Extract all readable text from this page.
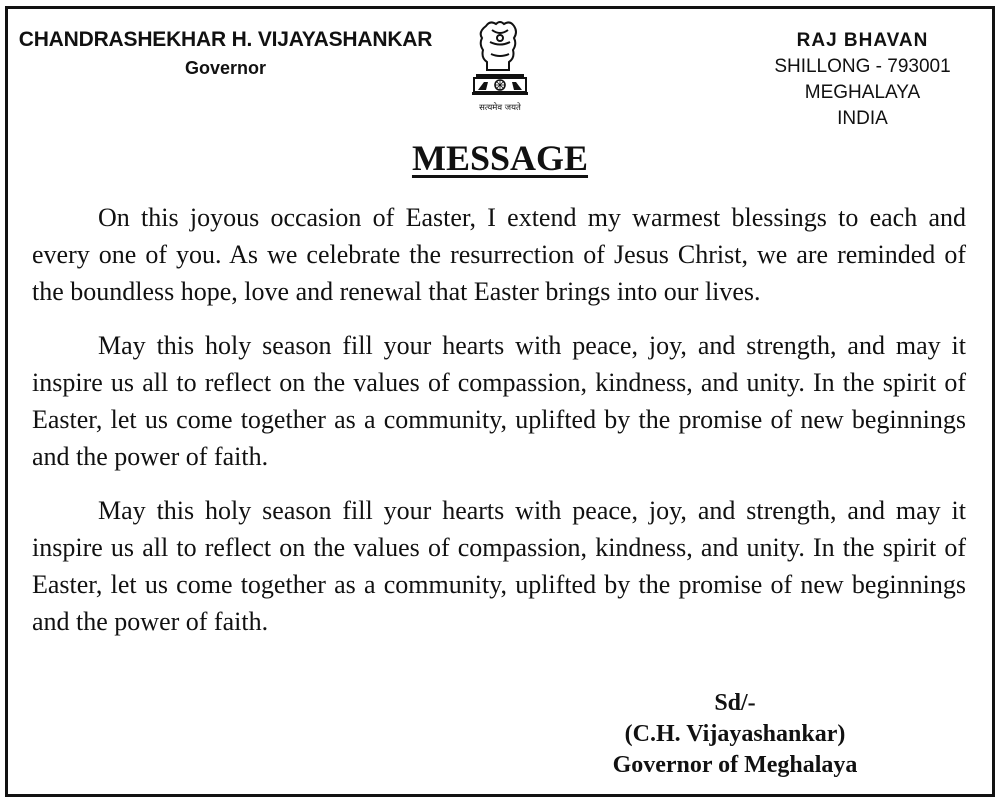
CHANDRASHEKHAR H. VIJAYASHANKAR
Governor
सत्यमेव जयते
RAJ BHAVAN
SHILLONG - 793001
MEGHALAYA
INDIA
MESSAGE

On this joyous occasion of Easter, I extend my warmest blessings to each and every one of you. As we celebrate the resurrection of Jesus Christ, we are reminded of the boundless hope, love and renewal that Easter brings into our lives.

May this holy season fill your hearts with peace, joy, and strength, and may it inspire us all to reflect on the values of compassion, kindness, and unity. In the spirit of Easter, let us come together as a community, uplifted by the promise of new beginnings and the power of faith.

May this holy season fill your hearts with peace, joy, and strength, and may it inspire us all to reflect on the values of compassion, kindness, and unity. In the spirit of Easter, let us come together as a community, uplifted by the promise of new beginnings and the power of faith.

Sd/-
(C.H. Vijayashankar)
Governor of Meghalaya
